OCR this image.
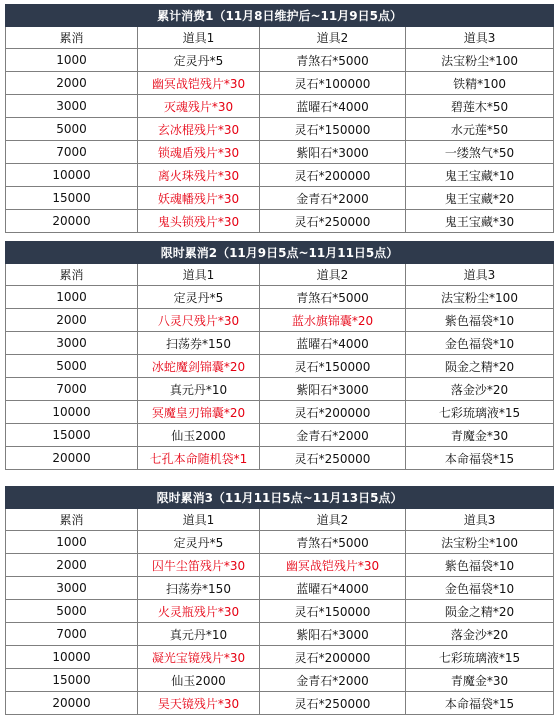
累计消费1（11月8日维护后~11月9日5点）			
累消	道具1	道具2	道具3
1000	定灵丹*5	青煞石*5000	法宝粉尘*100
2000	幽冥战铠残片*30	灵石*100000	铁精*100
3000	灭魂残片*30	蓝曜石*4000	碧莲木*50
5000	玄冰棍残片*30	灵石*150000	水元莲*50
7000	锁魂盾残片*30	紫阳石*3000	一缕煞气*50
10000	离火珠残片*30	灵石*200000	鬼王宝藏*10
15000	妖魂幡残片*30	金青石*2000	鬼王宝藏*20
20000	鬼头锁残片*30	灵石*250000	鬼王宝藏*30
限时累消2（11月9日5点~11月11日5点）			
累消	道具1	道具2	道具3
1000	定灵丹*5	青煞石*5000	法宝粉尘*100
2000	八灵尺残片*30	蓝水旗锦囊*20	紫色福袋*10
3000	扫荡券*150	蓝曜石*4000	金色福袋*10
5000	冰蛇魔剑锦囊*20	灵石*150000	陨金之精*20
7000	真元丹*10	紫阳石*3000	落金沙*20
10000	冥魔皇刃锦囊*20	灵石*200000	七彩琉璃液*15
15000	仙玉2000	金青石*2000	青魔金*30
20000	七孔本命随机袋*1	灵石*250000	本命福袋*15
限时累消3（11月11日5点~11月13日5点）			
累消	道具1	道具2	道具3
1000	定灵丹*5	青煞石*5000	法宝粉尘*100
2000	囚牛尘笛残片*30	幽冥战铠残片*30	紫色福袋*10
3000	扫荡券*150	蓝曜石*4000	金色福袋*10
5000	火灵瓶残片*30	灵石*150000	陨金之精*20
7000	真元丹*10	紫阳石*3000	落金沙*20
10000	凝光宝镜残片*30	灵石*200000	七彩琉璃液*15
15000	仙玉2000	金青石*2000	青魔金*30
20000	昊天镜残片*30	灵石*250000	本命福袋*15
